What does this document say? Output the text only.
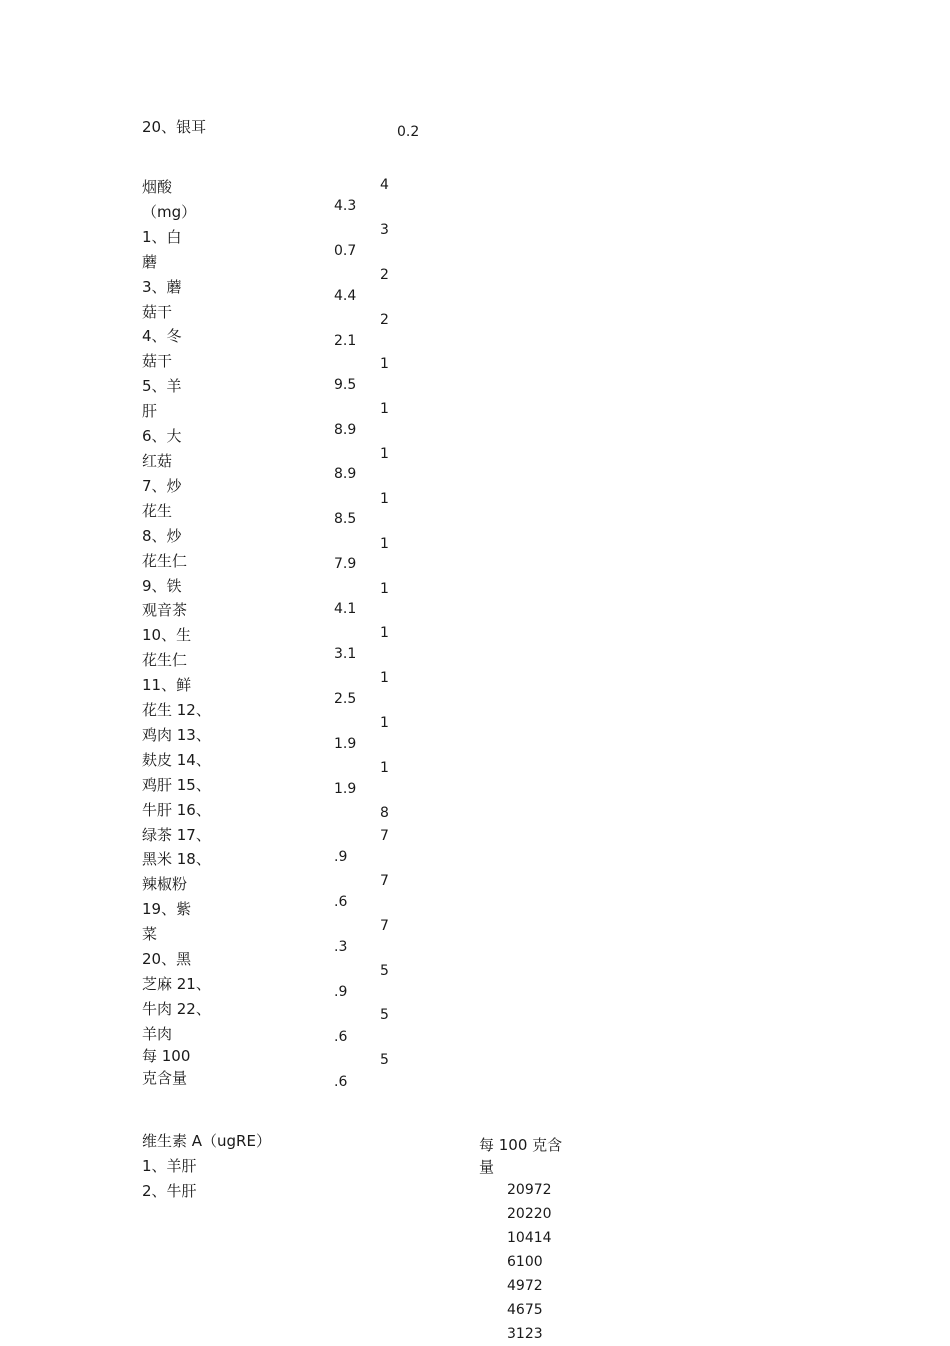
20、银耳	0.2
烟酸
（mg）
1、白
蘑
3、蘑
菇干
4、冬
菇干
5、羊
肝
6、大
红菇
7、炒
花生
8、炒
花生仁
9、铁
观音茶
10、生
花生仁
11、鲜
花生 12、
鸡肉 13、
麸皮 14、
鸡肝 15、
牛肝 16、
绿茶 17、
黑米 18、
辣椒粉
19、紫
菜
20、黑
芝麻 21、
牛肉 22、
羊肉
每 100
克含量
4.3
0.7
4.4
2.1
9.5
8.9
8.9
8.5
7.9
4.1
3.1
2.5
1.9
1.9
.9
.6
.3
.9
.6
.6
4
3
2
2
1
1
1
1
1
1
1
1
1
1
8
7
7
7
5
5
5
维生素 A（ugRE）
1、羊肝
2、牛肝
每 100 克含
量
20972
20220
10414
6100
4972
4675
3123
